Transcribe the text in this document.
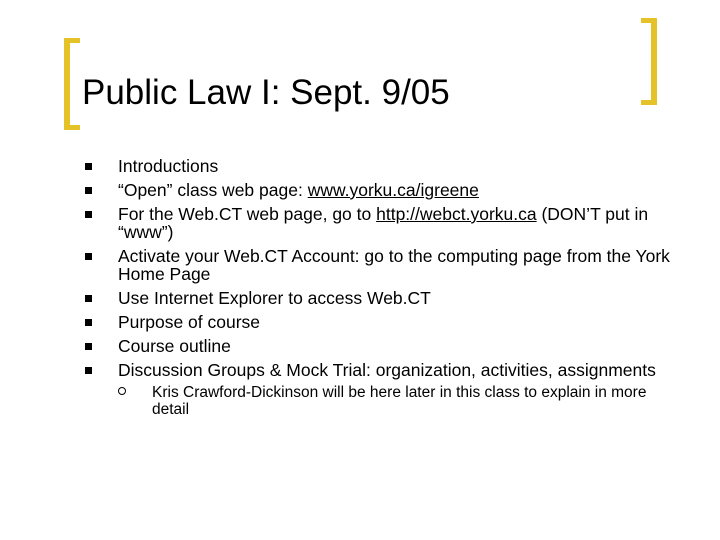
Public Law I: Sept. 9/05
Introductions
“Open” class web page: www.yorku.ca/igreene
For the Web.CT web page, go to http://webct.yorku.ca (DON’T put in “www”)
Activate your Web.CT Account: go to the computing page from the York Home Page
Use Internet Explorer to access Web.CT
Purpose of course
Course outline
Discussion Groups & Mock Trial: organization, activities, assignments
Kris Crawford-Dickinson will be here later in this class to explain in more detail
